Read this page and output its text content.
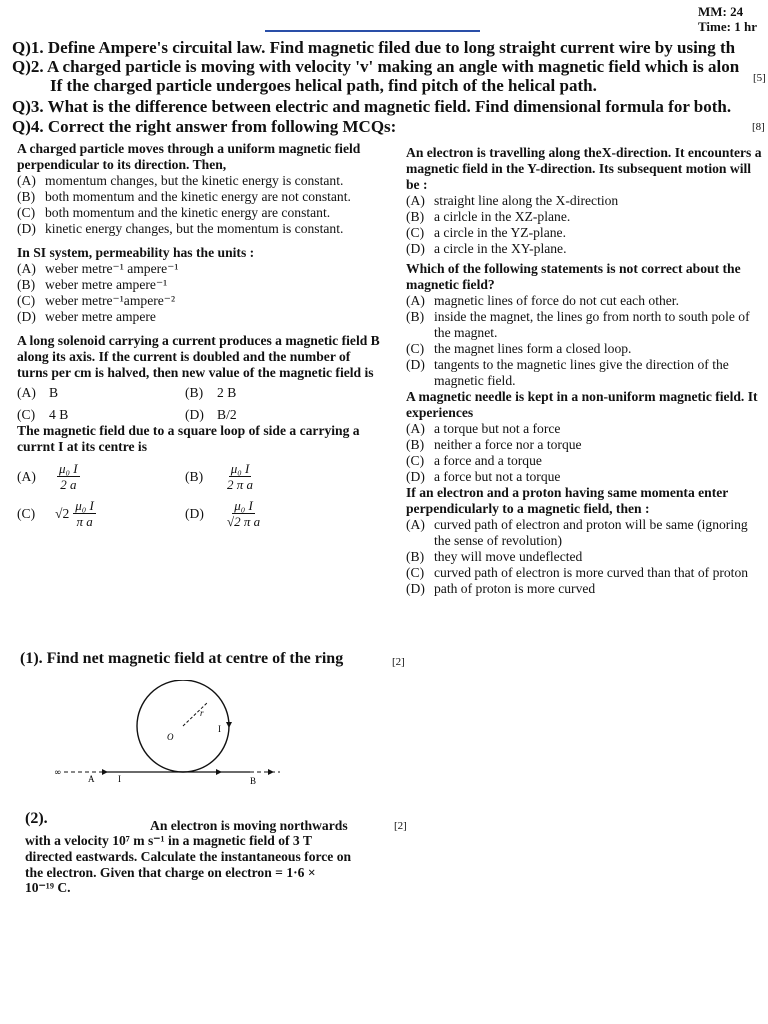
MM: 24
Time: 1 hr
Q)1. Define Ampere's circuital law. Find magnetic filed due to long straight current wire by using th
Q)2. A charged particle is moving with velocity 'v' making an angle with magnetic field which is alon
If the charged particle undergoes helical path, find pitch of the helical path.	[5]
Q)3. What is the difference between electric and magnetic field. Find dimensional formula for both.
Q)4. Correct the right answer from following MCQs:	[8]
A charged particle moves through a uniform magnetic field perpendicular to its direction. Then,
(A) momentum changes, but the kinetic energy is constant.
(B) both momentum and the kinetic energy are not constant.
(C) both momentum and the kinetic energy are constant.
(D) kinetic energy changes, but the momentum is constant.
In SI system, permeability has the units :
(A) weber metre⁻¹ ampere⁻¹
(B) weber metre ampere⁻¹
(C) weber metre⁻¹ampere⁻²
(D) weber metre ampere
A long solenoid carrying a current produces a magnetic field B along its axis. If the current is doubled and the number of turns per cm is halved, then new value of the magnetic field is
(A) B	(B)	2 B
(C)	4 B	(D) B/2
The magnetic field due to a square loop of side a carrying a currnt I at its centre is
(A)	$\frac{\text{μ₀ I}}{2 a}$	(B)	$\frac{\text{μ₀ I}}{\text{2 π a}}$
(C)	$√2 \frac{\text{μ₀ I}}{\text{π a}}$	(D)	$\frac{\text{μ₀ I}}{\text{√2 π a}}$
An electron is travelling along theX-direction. It encounters a magnetic field in the Y-direction. Its subsequent motion will be :
(A) straight line along the X-direction
(B) a cirlcle in the XZ-plane.
(C) a circle in the YZ-plane.
(D) a circle in the XY-plane.
Which of the following statements is not correct about the magnetic field?
(A) magnetic lines of force do not cut each other.
(B) inside the magnet, the lines go from north to south pole of the magnet.
(C) the magnet lines form a closed loop.
(D) tangents to the magnetic lines give the direction of the magnetic field.
A magnetic needle is kept in a non-uniform magnetic field. It experiences
(A) a torque but not a force
(B) neither a force nor a torque
(C) a force and a torque
(D) a force but not a torque
If an electron and a proton having same momenta enter perpendicularly to a magnetic field, then :
(A) curved path of electron and proton will be same (ignoring the sense of revolution)
(B) they will move undeflected
(C) curved path of electron is more curved than that of proton
(D) path of proton is more curved
(1). Find net magnetic field at centre of the ring	[2]
∞
A	I	B
O
r
I
(2).	An electron is moving northwards	[2]
with a velocity 10⁷ m s⁻¹ in a magnetic field of 3 T
directed eastwards. Calculate the instantaneous force on
the electron. Given that charge on electron = 1·6 ×
10⁻¹⁹ C.
